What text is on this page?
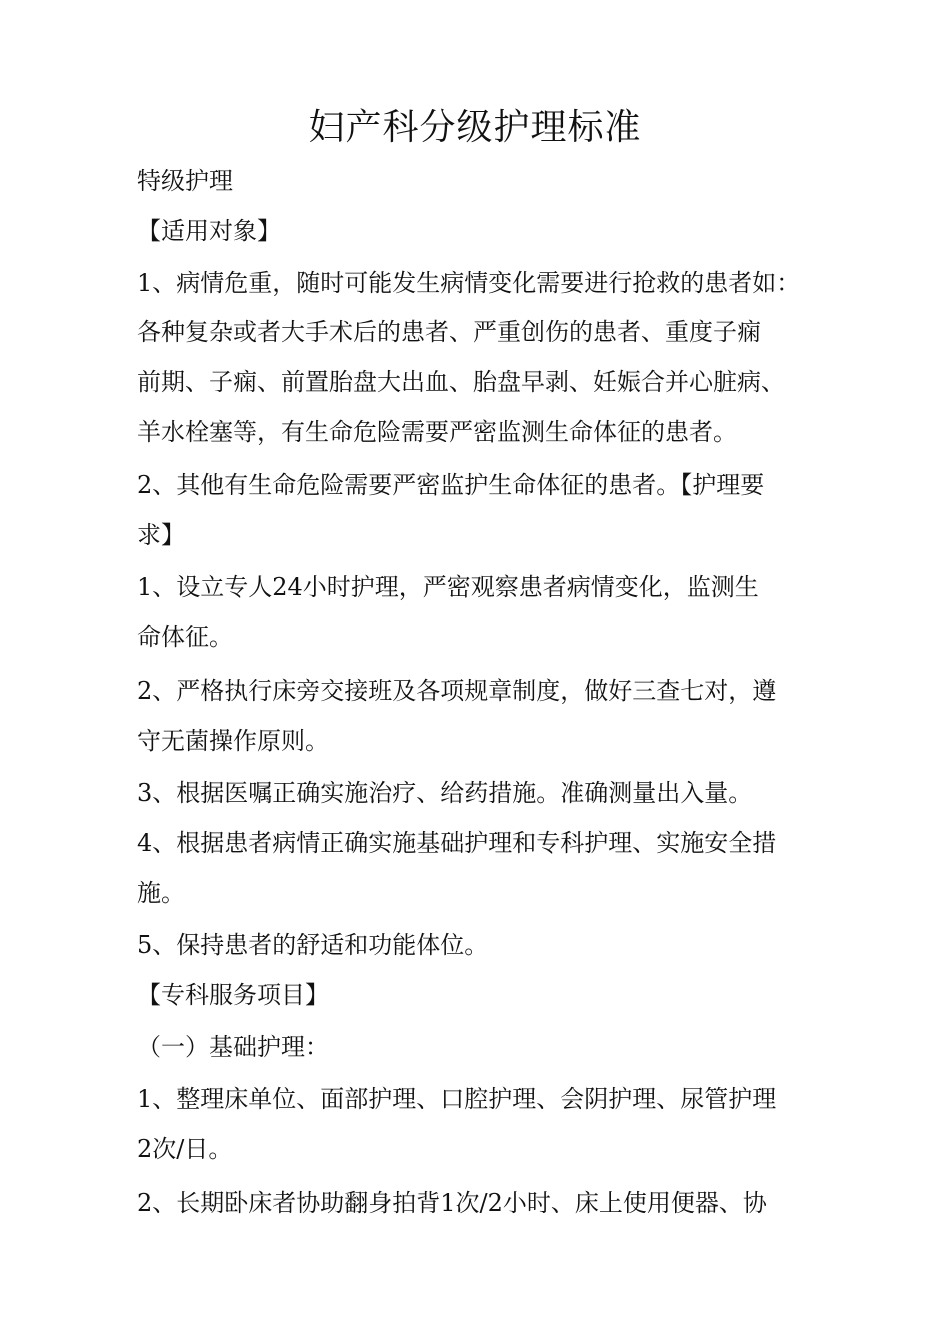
妇产科分级护理标准
特级护理
【适用对象】
1、病情危重，随时可能发生病情变化需要进行抢救的患者如：
各种复杂或者大手术后的患者、严重创伤的患者、重度子痫
前期、子痫、前置胎盘大出血、胎盘早剥、妊娠合并心脏病、
羊水栓塞等，有生命危险需要严密监测生命体征的患者。
2、其他有生命危险需要严密监护生命体征的患者。【护理要
求】
1、设立专人24小时护理，严密观察患者病情变化，监测生
命体征。
2、严格执行床旁交接班及各项规章制度，做好三查七对，遵
守无菌操作原则。
3、根据医嘱正确实施治疗、给药措施。准确测量出入量。
4、根据患者病情正确实施基础护理和专科护理、实施安全措
施。
5、保持患者的舒适和功能体位。
【专科服务项目】
（一）基础护理：
1、整理床单位、面部护理、口腔护理、会阴护理、尿管护理
2次/日。
2、长期卧床者协助翻身拍背1次/2小时、床上使用便器、协
